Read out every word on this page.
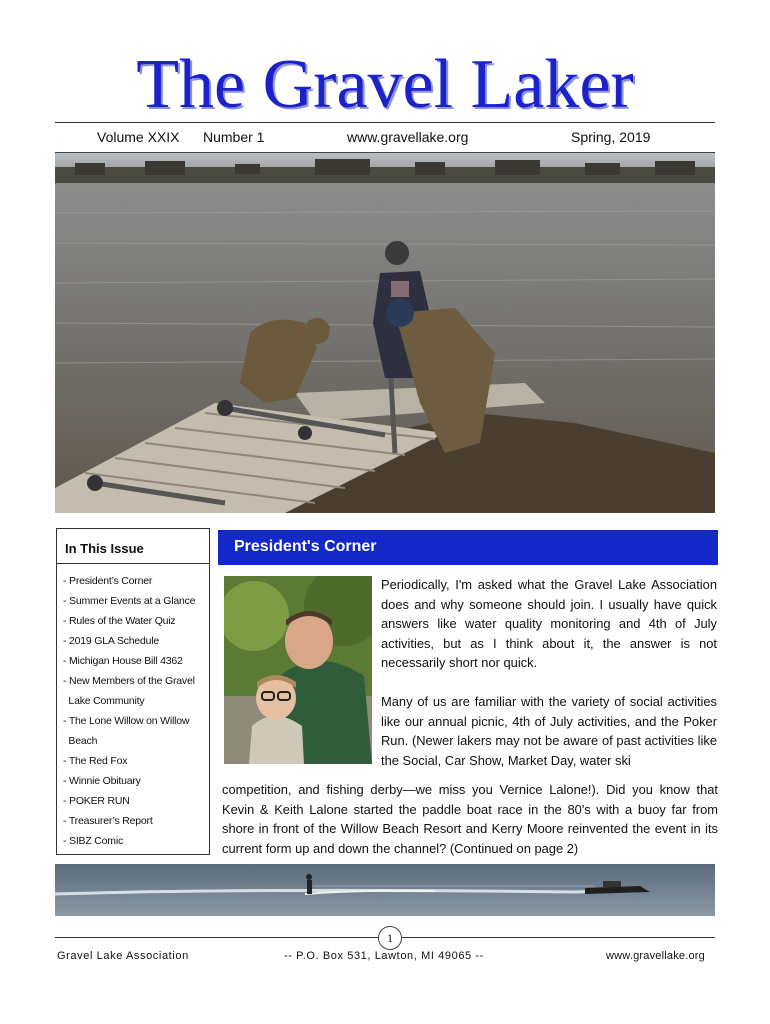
The Gravel Laker
Volume XXIX Number 1	www.gravellake.org	Spring, 2019
In This Issue
- President’s Corner
- Summer Events at a Glance
- Rules of the Water Quiz
- 2019 GLA Schedule
- Michigan House Bill 4362
- New Members of the Gravel
Lake Community
- The Lone Willow on Willow
Beach
- The Red Fox
- Winnie Obituary
- POKER RUN
- Treasurer’s Report
- SIBZ Comic
President's Corner

Periodically, I'm asked what the Gravel Lake Association does and why someone should join. I usually have quick answers like water quality monitoring and 4th of July activities, but as I think about it, the answer is not necessarily short nor quick.

Many of us are familiar with the variety of social activities like our annual picnic, 4th of July activities, and the Poker Run. (Newer lakers may not be aware of past activities like the Social, Car Show, Market Day, water ski

competition, and fishing derby—we miss you Vernice Lalone!). Did you know that Kevin & Keith Lalone started the paddle boat race in the 80's with a buoy far from shore in front of the Willow Beach Resort and Kerry Moore reinvented the event in its current form up and down the channel? (Continued on page 2)

1
Gravel Lake Association	-- P.O. Box 531, Lawton, MI 49065 --	www.gravellake.org
